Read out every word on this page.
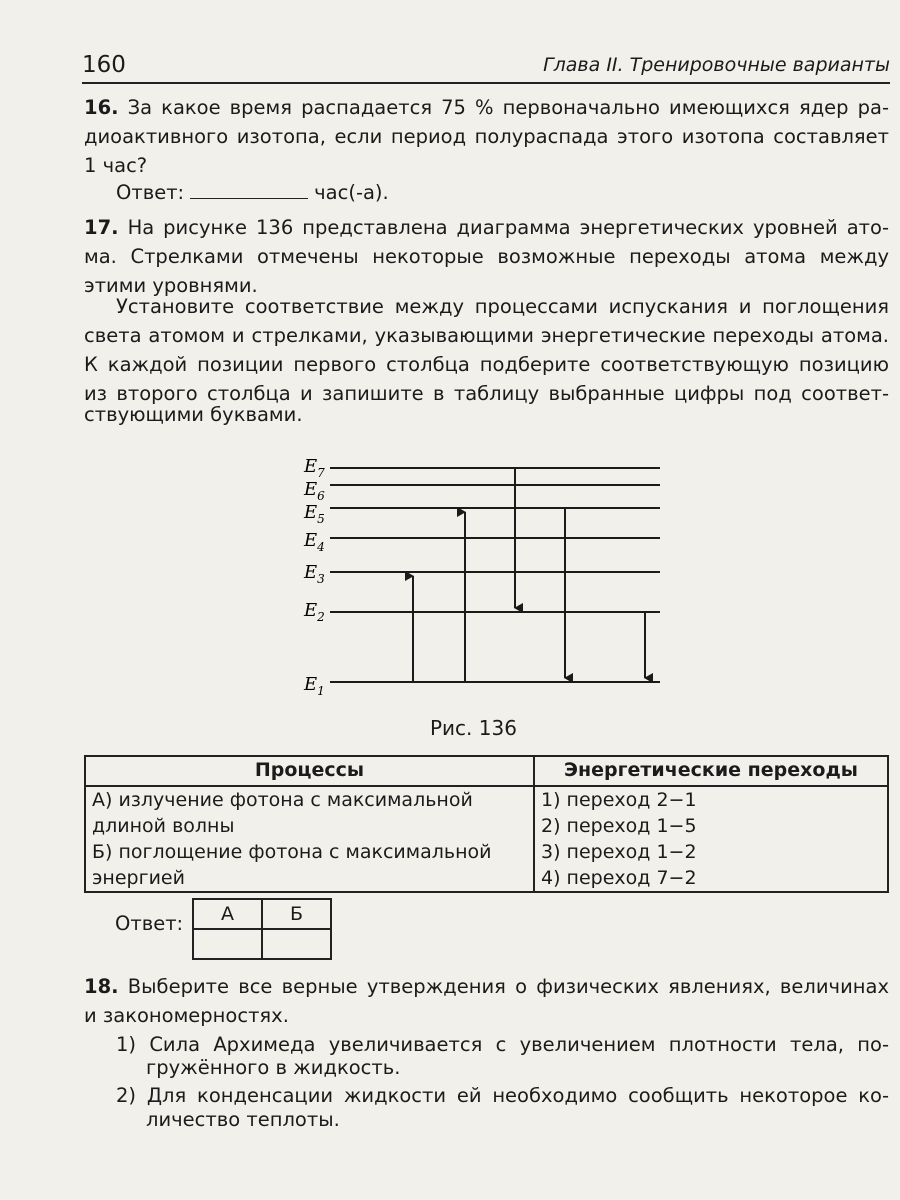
160	Глава II. Тренировочные варианты
16. За какое время распадается 75 % первоначально имеющихся ядер ра-
диоактивного изотопа, если период полураспада этого изотопа составляет
1 час?
Ответ:	час(-а).
17. На рисунке 136 представлена диаграмма энергетических уровней ато-
ма. Стрелками отмечены некоторые возможные переходы атома между
этими уровнями.
Установите соответствие между процессами испускания и поглощения
света атомом и стрелками, указывающими энергетические переходы атома.
К каждой позиции первого столбца подберите соответствующую позицию
из второго столбца и запишите в таблицу выбранные цифры под соответ-
ствующими буквами.
$E_7$
$E_6$
$E_5$
$E_4$
$E_3$
$E_2$
$E_1$
Рис. 136
Процессы	Энергетические переходы
А) излучение фотона с максимальной	1) переход 2−1
длиной волны	2) переход 1−5
Б) поглощение фотона с максимальной	3) переход 1−2
энергией	4) переход 7−2
Ответ: А	Б

18. Выберите все верные утверждения о физических явлениях, величинах
и закономерностях.
1) Сила Архимеда увеличивается с увеличением плотности тела, по-
гружённого в жидкость.
2) Для конденсации жидкости ей необходимо сообщить некоторое ко-
личество теплоты.
